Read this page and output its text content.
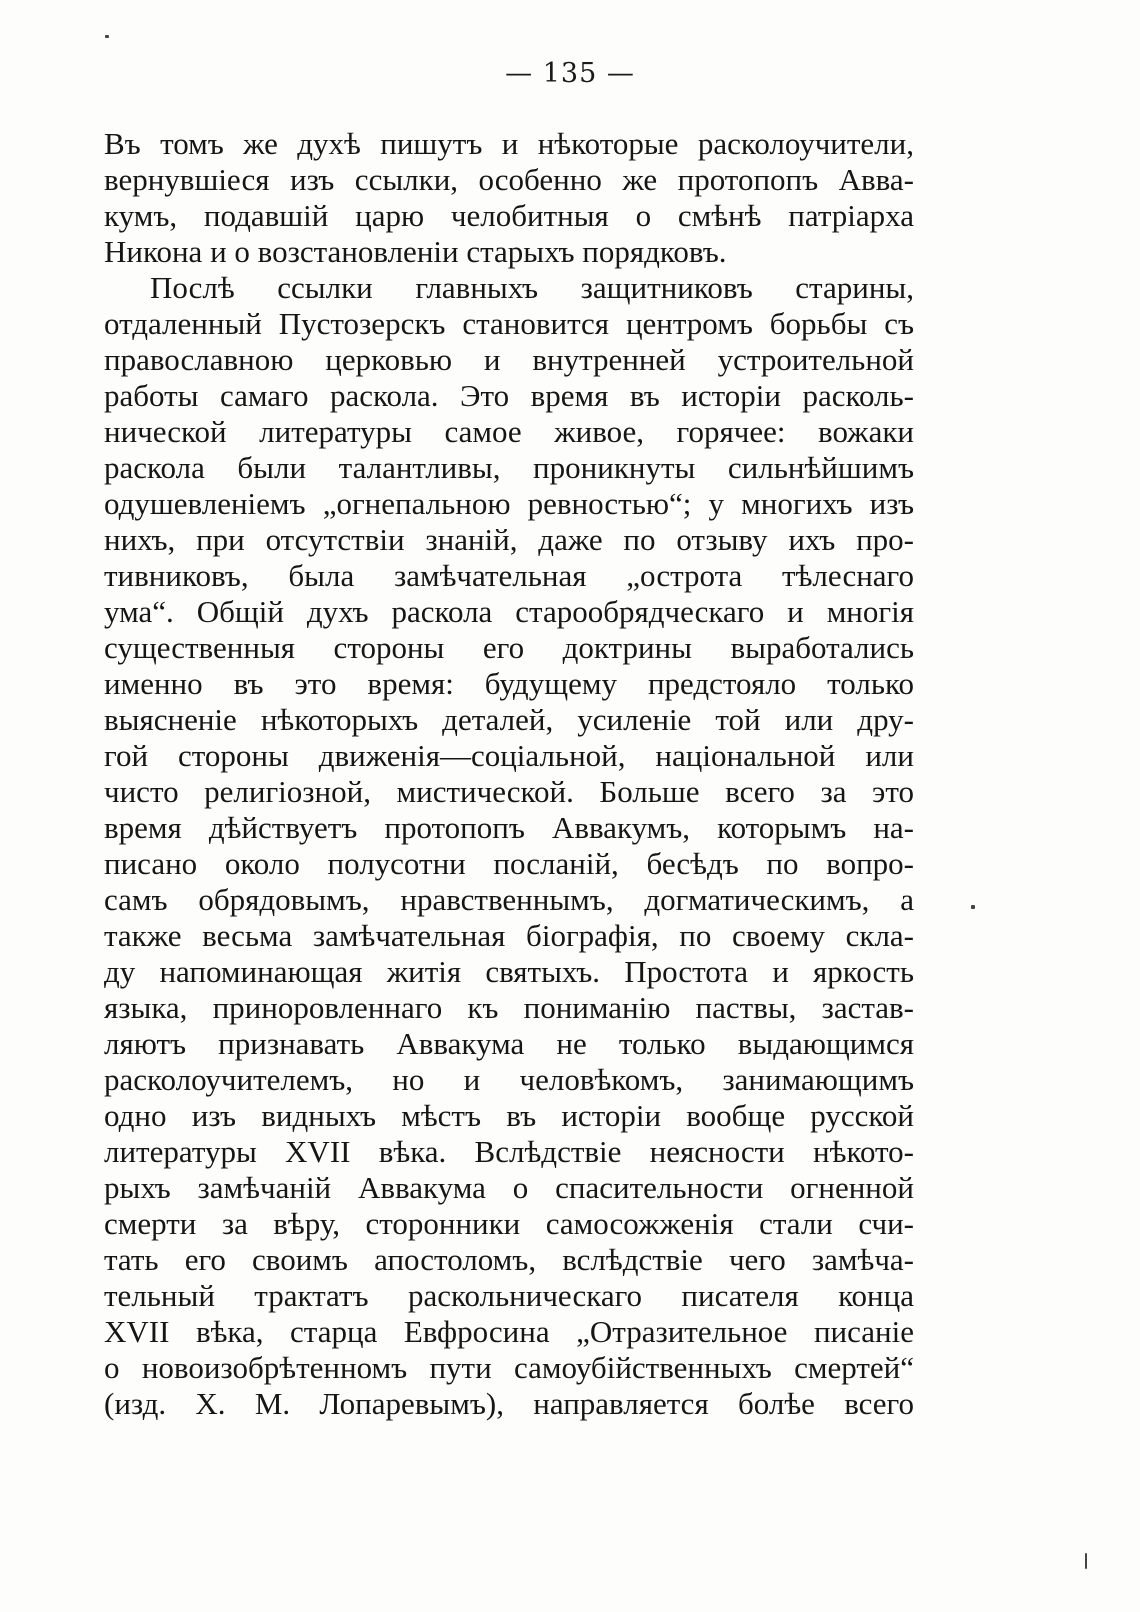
— 135 —
Въ томъ же духѣ пишутъ и нѣкоторые расколоучители,
вернувшіеся изъ ссылки, особенно же протопопъ Авва-
кумъ, подавшій царю челобитныя о смѣнѣ патріарха
Никона и о возстановленіи старыхъ порядковъ.
Послѣ ссылки главныхъ защитниковъ старины,
отдаленный Пустозерскъ становится центромъ борьбы съ
православною церковью и внутренней устроительной
работы самаго раскола. Это время въ исторіи расколь-
нической литературы самое живое, горячее: вожаки
раскола были талантливы, проникнуты сильнѣйшимъ
одушевленіемъ „огнепальною ревностью“; у многихъ изъ
нихъ, при отсутствіи знаній, даже по отзыву ихъ про-
тивниковъ, была замѣчательная „острота тѣлеснаго
ума“. Общій духъ раскола старообрядческаго и многія
существенныя стороны его доктрины выработались
именно въ это время: будущему предстояло только
выясненіе нѣкоторыхъ деталей, усиленіе той или дру-
гой стороны движенія—соціальной, національной или
чисто религіозной, мистической. Больше всего за это
время дѣйствуетъ протопопъ Аввакумъ, которымъ на-
писано около полусотни посланій, бесѣдъ по вопро-
самъ обрядовымъ, нравственнымъ, догматическимъ, а
также весьма замѣчательная біографія, по своему скла-
ду напоминающая житія святыхъ. Простота и яркость
языка, приноровленнаго къ пониманію паствы, застав-
ляютъ признавать Аввакума не только выдающимся
расколоучителемъ, но и человѣкомъ, занимающимъ
одно изъ видныхъ мѣстъ въ исторіи вообще русской
литературы XVII вѣка. Вслѣдствіе неясности нѣкото-
рыхъ замѣчаній Аввакума о спасительности огненной
смерти за вѣру, сторонники самосожженія стали счи-
тать его своимъ апостоломъ, вслѣдствіе чего замѣча-
тельный трактатъ раскольническаго писателя конца
XVII вѣка, старца Евфросина „Отразительное писаніе
о новоизобрѣтенномъ пути самоубійственныхъ смертей“
(изд. Х. М. Лопаревымъ), направляется болѣе всего
